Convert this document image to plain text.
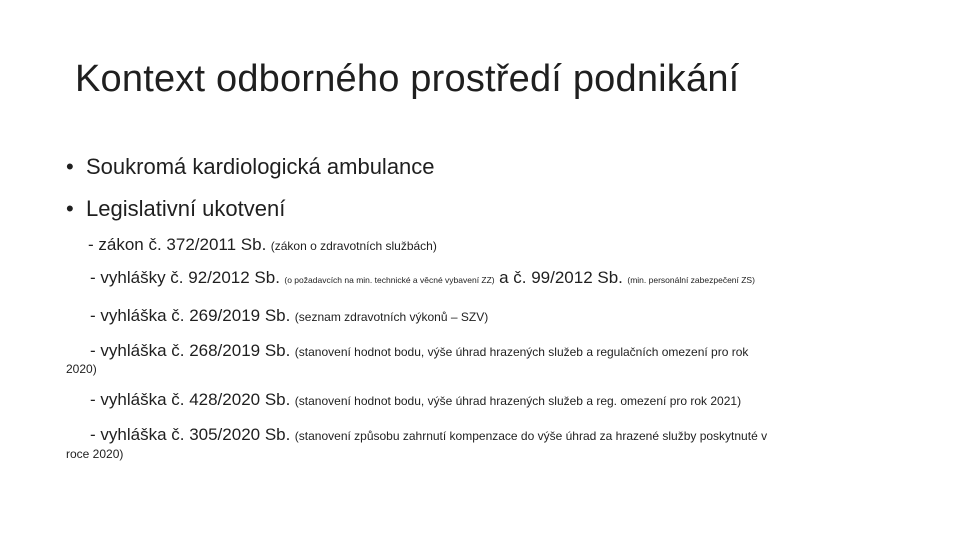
Kontext odborného prostředí podnikání
• Soukromá kardiologická ambulance
• Legislativní ukotvení
- zákon č. 372/2011 Sb. (zákon o zdravotních službách)
- vyhlášky č. 92/2012 Sb. (o požadavcích na min. technické a věcné vybavení ZZ) a č. 99/2012 Sb. (min. personální zabezpečení ZS)
- vyhláška č. 269/2019 Sb. (seznam zdravotních výkonů – SZV)
- vyhláška č. 268/2019 Sb. (stanovení hodnot bodu, výše úhrad hrazených služeb a regulačních omezení pro rok
2020)
- vyhláška č. 428/2020 Sb. (stanovení hodnot bodu, výše úhrad hrazených služeb a reg. omezení pro rok 2021)
- vyhláška č. 305/2020 Sb. (stanovení způsobu zahrnutí kompenzace do výše úhrad za hrazené služby poskytnuté v
roce 2020)
